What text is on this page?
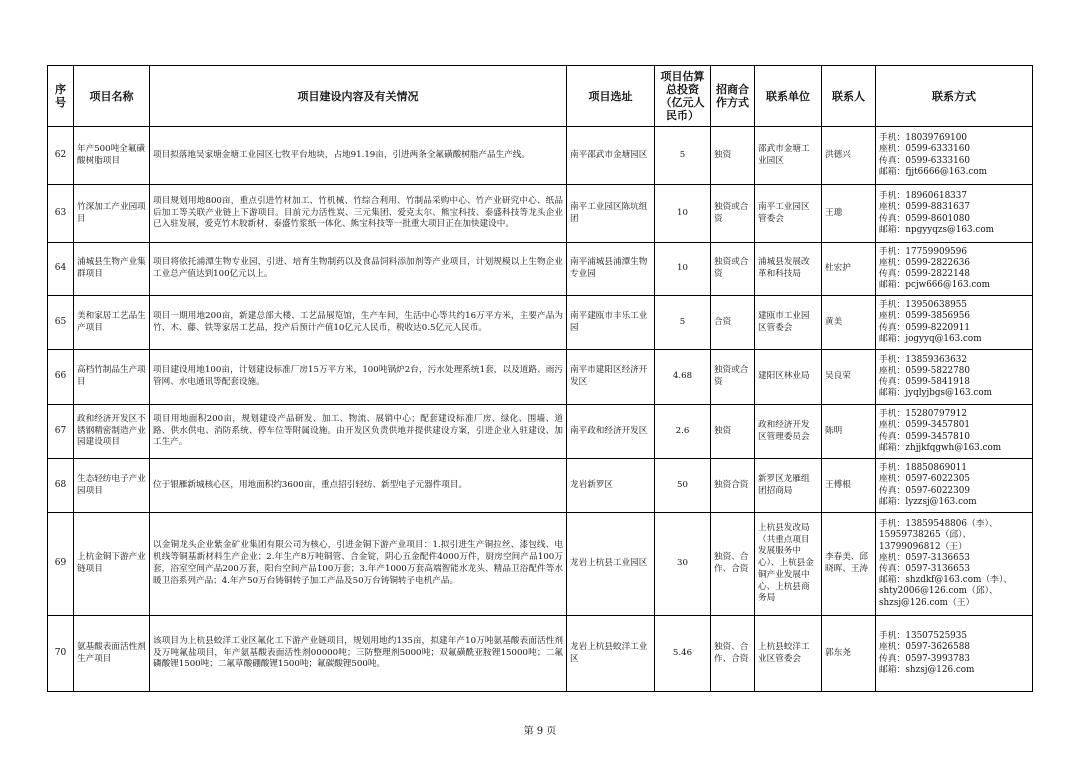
序号	项目名称	项目建设内容及有关情况	项目选址	项目估算总投资（亿元人民币）	招商合作方式	联系单位	联系人	联系方式
62	年产500吨全氟磺酸树脂项目	项目拟落地吴家塘金塘工业园区七牧平台地块，占地91.19亩，引进两条全氟磺酸树脂产品生产线。	南平邵武市金塘园区	5	独资	邵武市金塘工业园区	洪德兴	手机：18039769100
座机：0599-6333160
传真：0599-6333160
邮箱：fjjt6666@163.com
63	竹深加工产业园项目	项目规划用地800亩，重点引进竹材加工、竹机械、竹综合利用、竹制品采购中心、竹产业研究中心、纸品后加工等关联产业链上下游项目。目前元力活性炭、三元集团、爱克太尔、熊宝科技、泰盛科技等龙头企业已入驻发展，爱克竹木胶新材、泰盛竹浆纸一体化、熊宝科技等一批重大项目正在加快建设中。	南平工业园区陈坑组团	10	独资或合资	南平工业园区管委会	王璁	手机：18960618337
座机：0599-8831637
传真：0599-8601080
邮箱：npgyyqzs@163.com
64	浦城县生物产业集群项目	项目将依托浦潭生物专业园，引进、培育生物制药以及食品饲料添加剂等产业项目，计划规模以上生物企业工业总产值达到100亿元以上。	南平浦城县浦潭生物专业园	10	独资或合资	浦城县发展改革和科技局	杜宏护	手机：17759909596
座机：0599-2822636
传真：0599-2822148
邮箱：pcjw666@163.com
65	美和家居工艺品生产项目	项目一期用地200亩，新建总部大楼、工艺品展览馆，生产车间，生活中心等共约16万平方米，主要产品为竹、木、藤、铁等家居工艺品，投产后预计产值10亿元人民币，税收达0.5亿元人民币。	南平建瓯市丰乐工业园	5	合资	建瓯市工业园区管委会	黄美	手机：13950638955
座机：0599-3856956
传真：0599-8220911
邮箱：jogyyq@163.com
66	高档竹制品生产项目	项目建设用地100亩，计划建设标准厂房15万平方米，100吨锅炉2台，污水处理系统1套，以及道路、雨污管网、水电通讯等配套设施。	南平市建阳区经济开发区	4.68	独资或合资	建阳区林业局	吴良荣	手机：13859363632
座机：0599-5822780
传真：0599-5841918
邮箱：jyqlyjbgs@163.com
67	政和经济开发区不锈钢精密制造产业园建设项目	项目用地面积200亩，规划建设产品研发、加工、物流、展销中心；配套建设标准厂房、绿化、围墙、道路、供水供电、消防系统、停车位等附属设施。由开发区负责供地并提供建设方案，引进企业入驻建设、加工生产。	南平政和经济开发区	2.6	独资	政和经济开发区管理委员会	陈明	手机：15280797912
座机：0599-3457801
传真：0599-3457810
邮箱：zhjjkfqgwh@163.com
68	生态轻纺电子产业园项目	位于银雁新城核心区，用地面积约3600亩，重点招引轻纺、新型电子元器件项目。	龙岩新罗区	50	独资合资	新罗区龙雁组团招商局	王傅根	手机：18850869011
座机：0597-6022305
传真：0597-6022309
邮箱：lyzzsj@163.com
69	上杭金铜下游产业链项目	以金铜龙头企业紫金矿业集团有限公司为核心，引进金铜下游产业项目：1.拟引进生产铜拉丝、漆包线、电机线等铜基新材料生产企业；2.年生产8万吨铜管、合金锭，阴心五金配件4000万件，厨房空间产品100万套，浴室空间产品200万套，阳台空间产品100万套；3.年产1000万套高端智能水龙头、精品卫浴配件等水暖卫浴系列产品；4.年产50万台铸铜转子加工产品及50万台铸铜转子电机产品。	龙岩上杭县工业园区	30	独资、合作、合资	上杭县发改局（共重点项目发展服务中心）、上杭县金铜产业发展中心、上杭县商务局	李春美、邱晓晖、王涛	手机：13859548806（李）、15959738265（邱）、13799096812（王）
座机：0597-3136653
传真：0597-3136653
邮箱：shzdkf@163.com（李）、shty2006@126.com（邱）、shzsj@126.com（王）
70	氨基酸表面活性剂生产项目	该项目为上杭县蛟洋工业区氟化工下游产业链项目，规划用地约135亩，拟建年产10万吨氨基酸表面活性剂及万吨氟盐项目，年产氨基酸表面活性剂00000吨；三防整理剂5000吨；双氟磺酰亚胺锂15000吨；二氟磷酸锂1500吨；二氟草酸硼酸锂1500吨；氟碳酸锂500吨。	龙岩上杭县蛟洋工业区	5.46	独资、合作、合资	上杭县蛟洋工业区管委会	郭东尧	手机：13507525935
座机：0597-3626588
传真：0597-3993783
邮箱：shzsj@126.com
第 9 页
